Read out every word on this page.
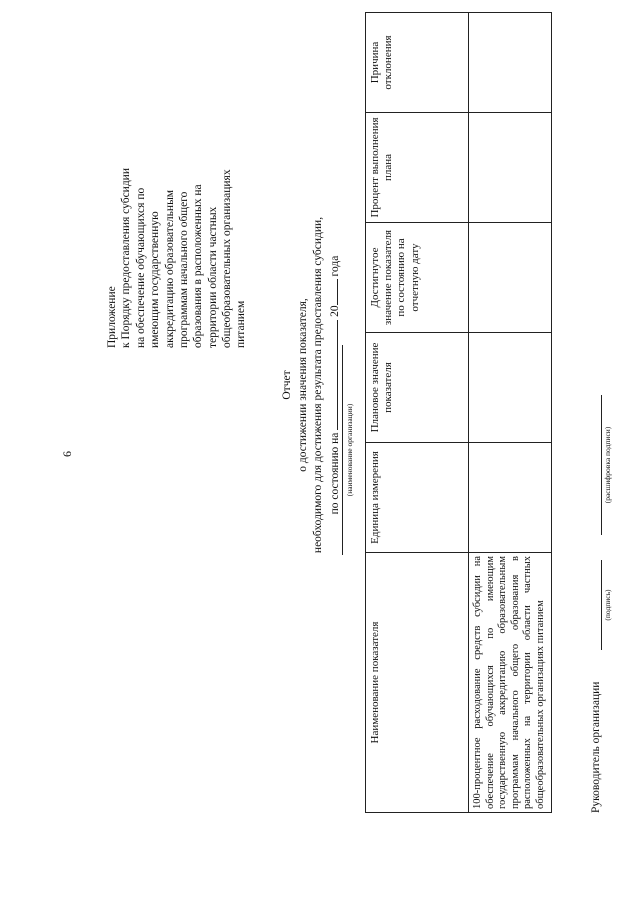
6
Приложение к Порядку предоставления субсидии на обеспечение обучающихся по имеющим государственную аккредитацию образовательным программам начального общего образования в расположенных на территории области частных общеобразовательных организациях питанием
Отчет о достижении значения показателя, необходимого для достижения результата предоставления субсидии, по состоянию на  20 года
(наименование организации)
Наименование показателя	Единица измерения	Плановое значение показателя	Достигнутое значение показателя по состоянию на отчетную дату	Процент выполнения плана	Причина отклонения
100-процентное расходование средств субсидии на обеспечение обучающихся по имеющим государственную аккредитацию образовательным программам начального общего образования в расположенных на территории области частных общеобразовательных организациях питанием						Руководитель организации
(подпись)
(расшифровка подписи)
